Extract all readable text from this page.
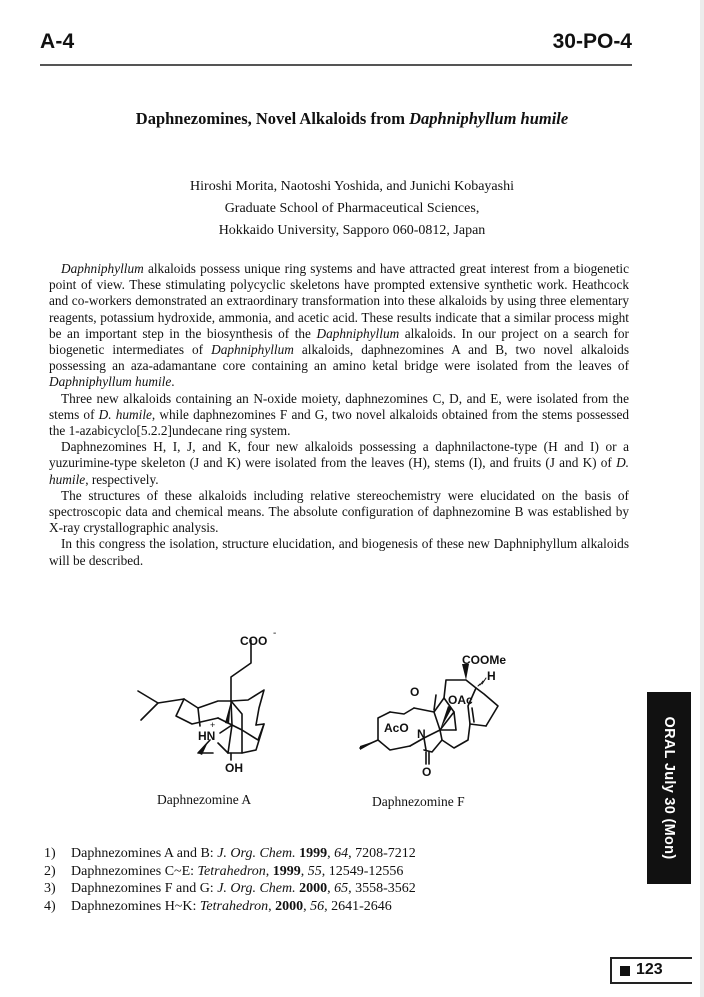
A-4	30-PO-4
Daphnezomines, Novel Alkaloids from Daphniphyllum humile
Hiroshi Morita, Naotoshi Yoshida, and Junichi Kobayashi
Graduate School of Pharmaceutical Sciences,
Hokkaido University, Sapporo 060-0812, Japan

Daphniphyllum alkaloids possess unique ring systems and have attracted great interest from a biogenetic point of view. These stimulating polycyclic skeletons have prompted extensive synthetic work. Heathcock and co-workers demonstrated an extraordinary transformation into these alkaloids by using three elementary reagents, potassium hydroxide, ammonia, and acetic acid. These results indicate that a similar process might be an important step in the biosynthesis of the Daphniphyllum alkaloids. In our project on a search for biogenetic intermediates of Daphniphyllum alkaloids, daphnezomines A and B, two novel alkaloids possessing an aza-adamantane core containing an amino ketal bridge were isolated from the leaves of Daphniphyllum humile.

Three new alkaloids containing an N-oxide moiety, daphnezomines C, D, and E, were isolated from the stems of D. humile, while daphnezomines F and G, two novel alkaloids obtained from the stems possessed the 1-azabicyclo[5.2.2]undecane ring system.

Daphnezomines H, I, J, and K, four new alkaloids possessing a daphnilactone-type (H and I) or a yuzurimine-type skeleton (J and K) were isolated from the leaves (H), stems (I), and fruits (J and K) of D. humile, respectively.

The structures of these alkaloids including relative stereochemistry were elucidated on the basis of spectroscopic data and chemical means. The absolute configuration of daphnezomine B was established by X-ray crystallographic analysis.

In this congress the isolation, structure elucidation, and biogenesis of these new Daphniphyllum alkaloids will be described.

COO
-
HN
+
OH
COOMe
H
OAc
AcO N
O
O
Daphnezomine A	Daphnezomine F
1)	Daphnezomines A and B: J. Org. Chem. 1999, 64, 7208-7212
2)	Daphnezomines C~E: Tetrahedron, 1999, 55, 12549-12556
3)	Daphnezomines F and G: J. Org. Chem. 2000, 65, 3558-3562
4)	Daphnezomines H~K: Tetrahedron, 2000, 56, 2641-2646
ORAL July 30 (Mon)
123
